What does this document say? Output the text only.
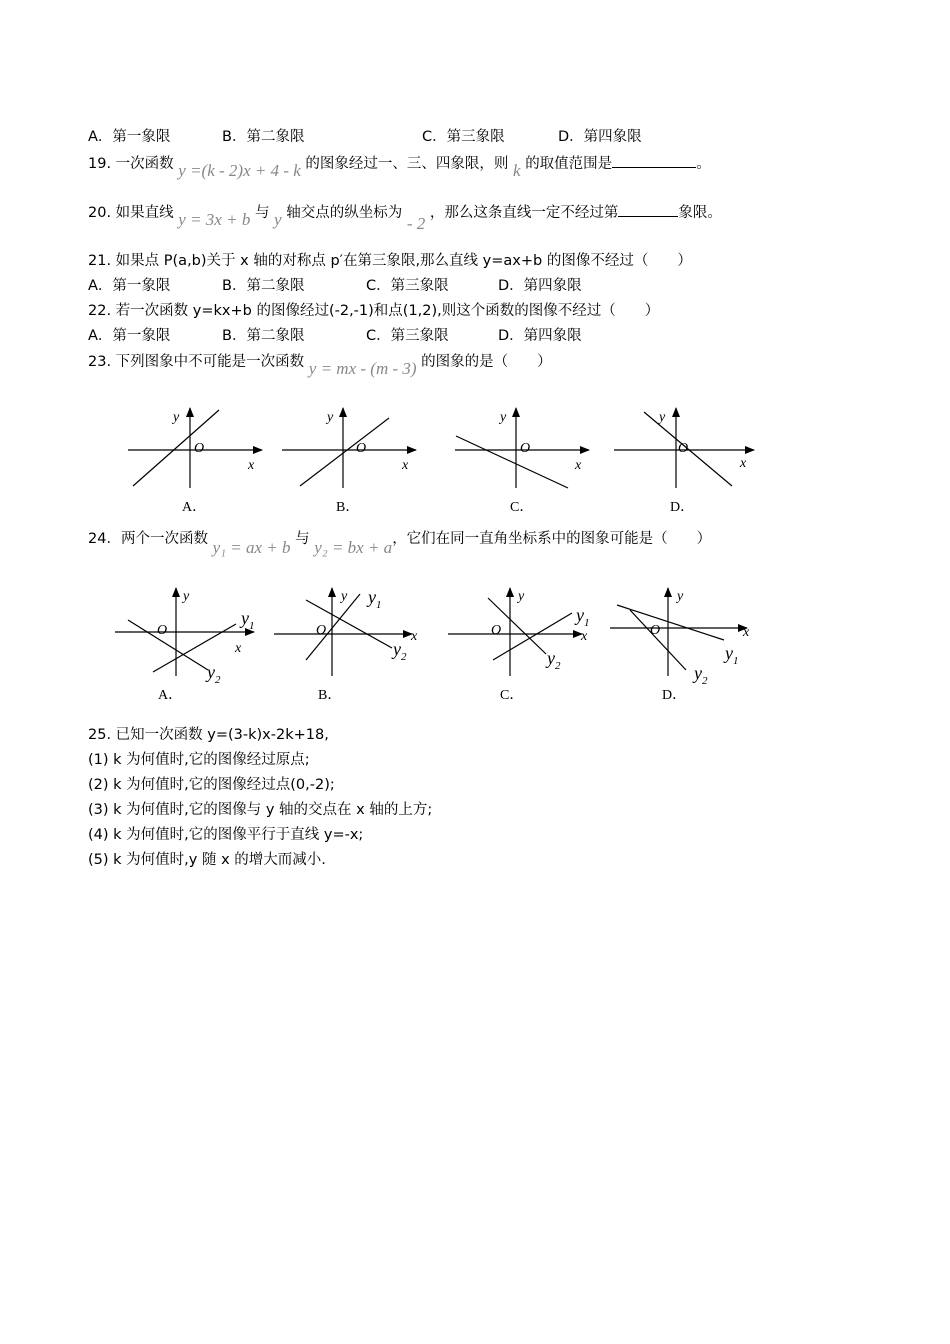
A．第一象限	B．第二象限	C．第三象限	D．第四象限
19. 一次函数 y =(k - 2)x + 4 - k 的图象经过一、三、四象限，则 k 的取值范围是	。
20. 如果直线 y = 3x + b 与 y 轴交点的纵坐标为 - 2 ，那么这条直线一定不经过第	象限。
21. 如果点 P(a,b)关于 x 轴的对称点 p′在第三象限,那么直线 y=ax+b 的图像不经过（　　）
A．第一象限	B．第二象限	C．第三象限	D．第四象限
22. 若一次函数 y=kx+b 的图像经过(-2,-1)和点(1,2),则这个函数的图像不经过（　　）
A．第一象限	B．第二象限	C．第三象限	D．第四象限
23. 下列图象中不可能是一次函数 y = mx - (m - 3) 的图象的是（　　）
y
O
x
A．
y
O
x
B．
y
O
x
C．
y
O
x
D．
y
O
x
$y_1$
$y_2$
A．
y
O	x
$y_1$
$y_2$
B．
y
O	x
$y_1$
$y_2$
C．
y
O	x
$y_1$
$y_2$
D．
24．两个一次函数 y₁ = ax + b 与 y₂ = bx + a，它们在同一直角坐标系中的图象可能是（　　）
25. 已知一次函数 y=(3-k)x-2k+18,
(1) k 为何值时,它的图像经过原点;
(2) k 为何值时,它的图像经过点(0,-2);
(3) k 为何值时,它的图像与 y 轴的交点在 x 轴的上方;
(4) k 为何值时,它的图像平行于直线 y=-x;
(5) k 为何值时,y 随 x 的增大而减小.
